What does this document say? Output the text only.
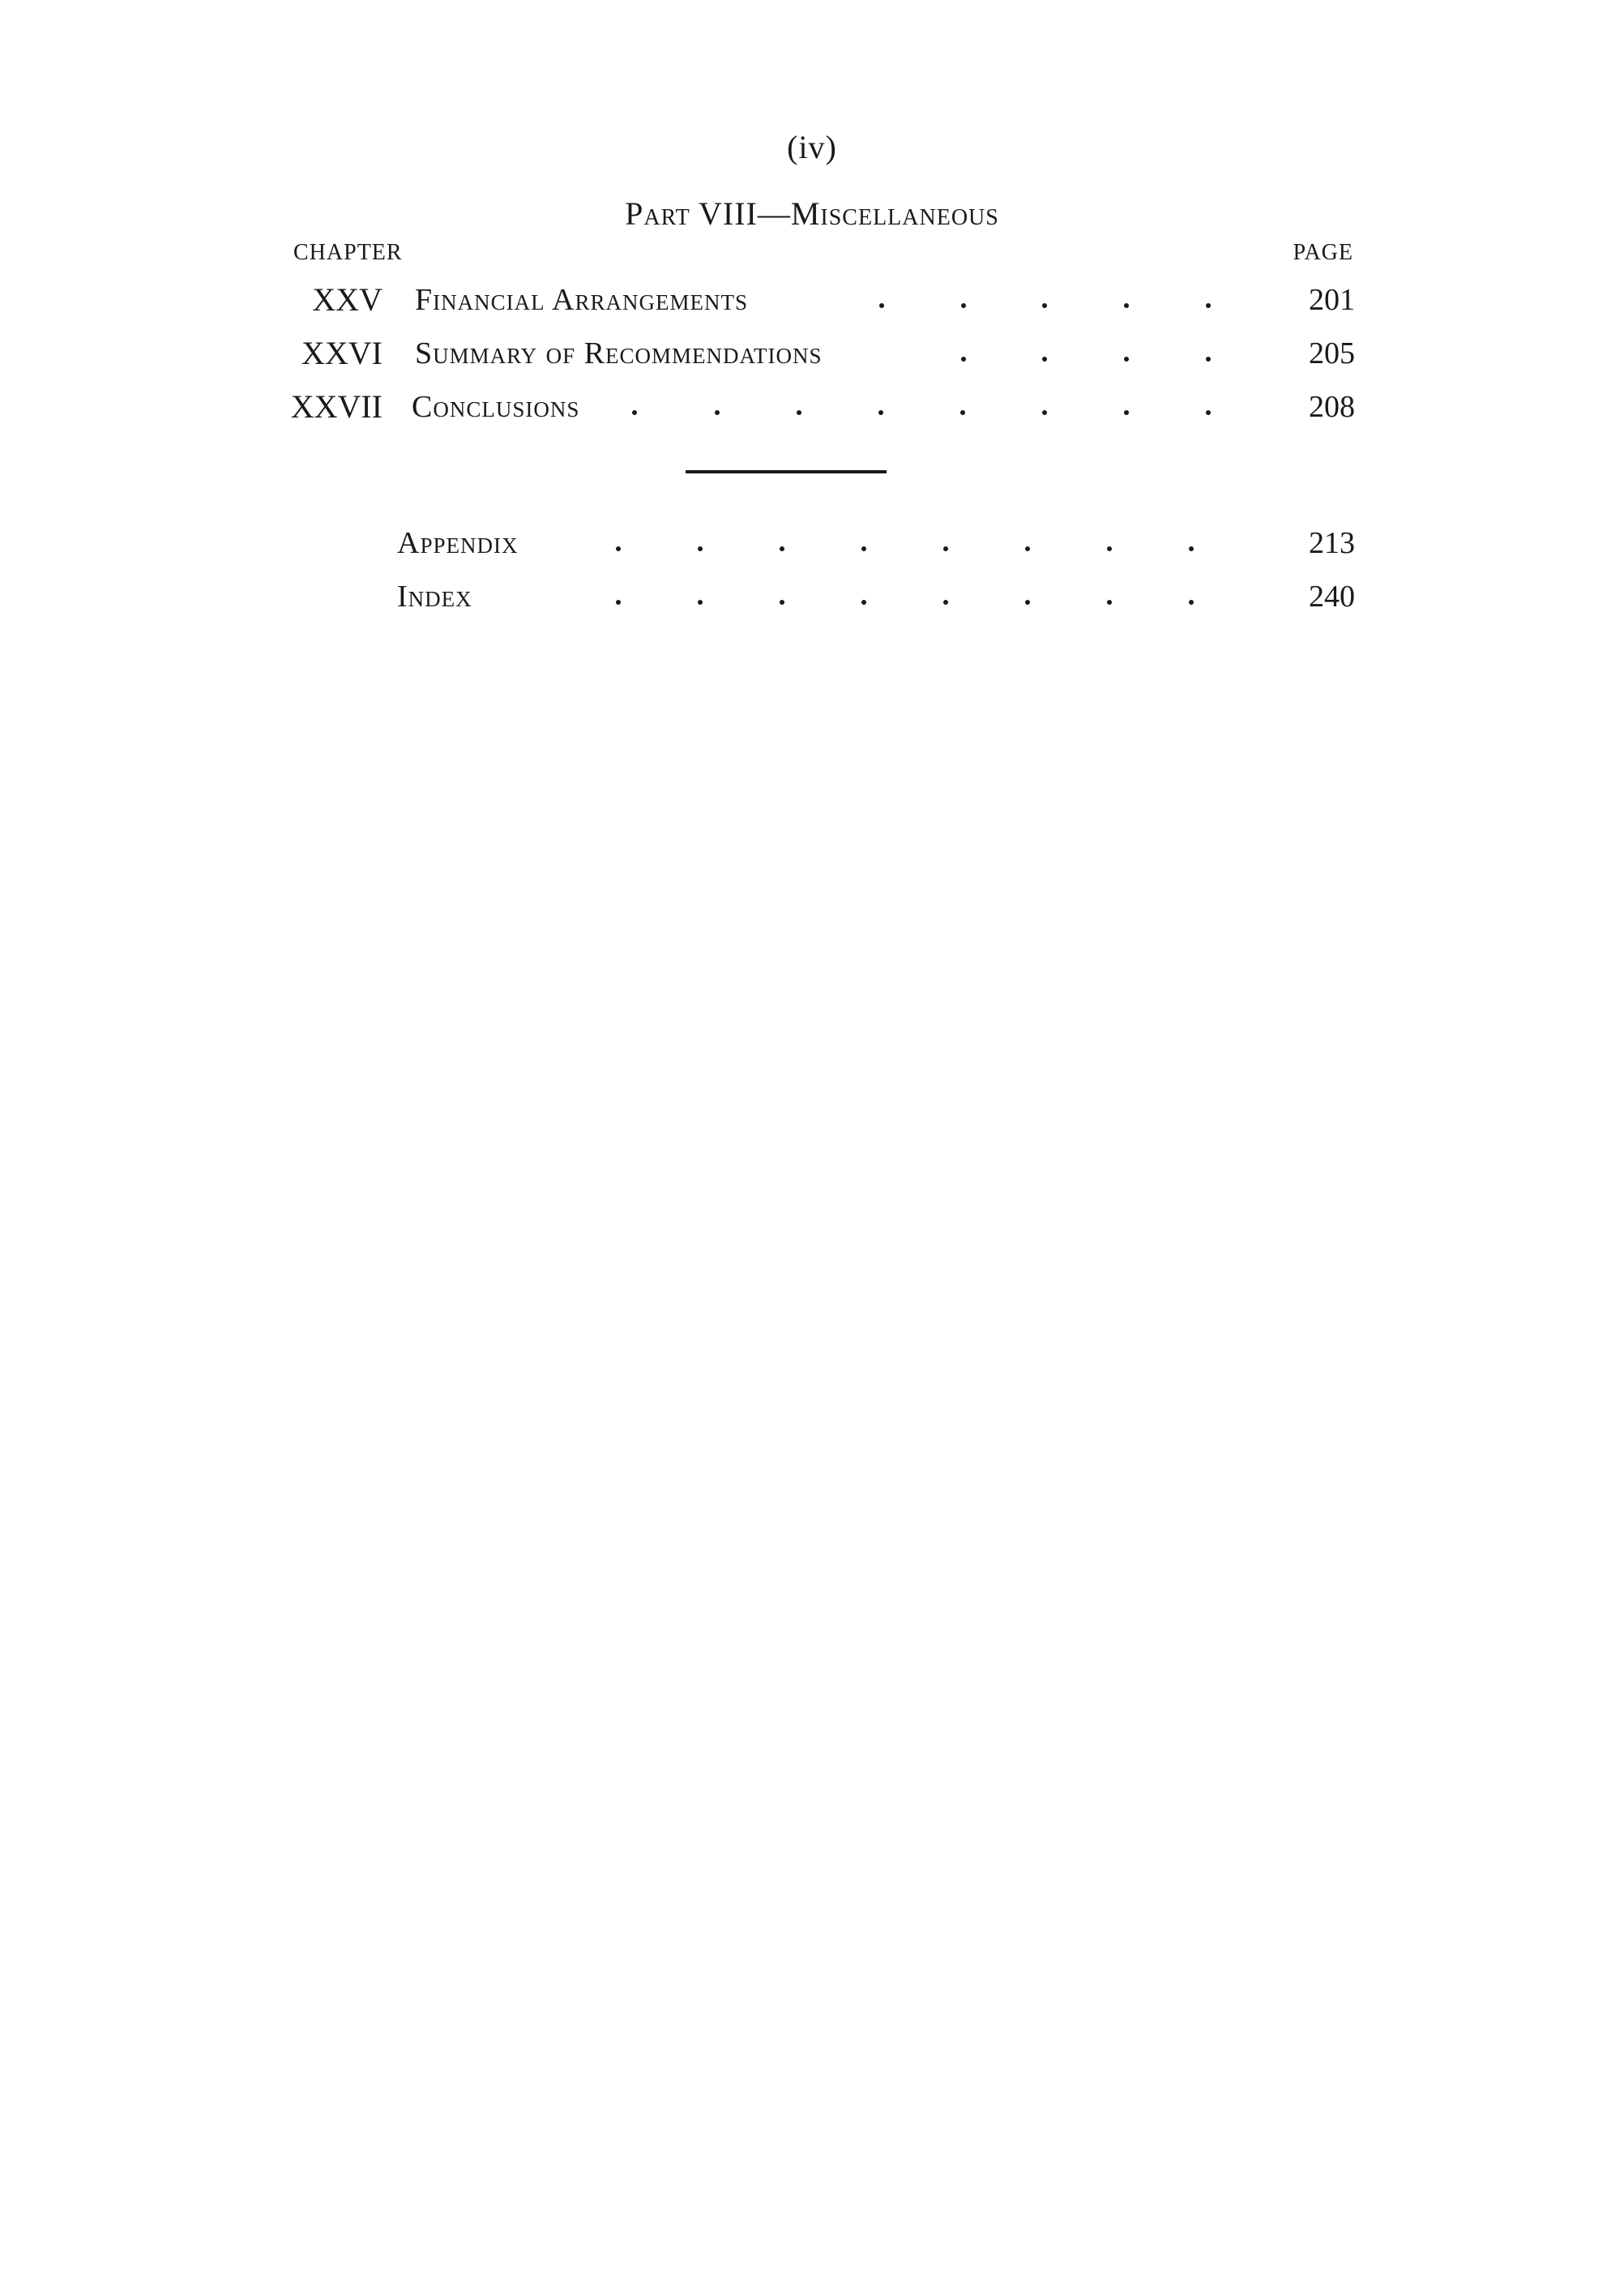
(iv)
Part VIII—Miscellaneous
CHAPTER	PAGE
XXV Financial Arrangements	201
XXVI Summary of Recommendations	205
XXVII Conclusions	208
Appendix	213
Index	240
